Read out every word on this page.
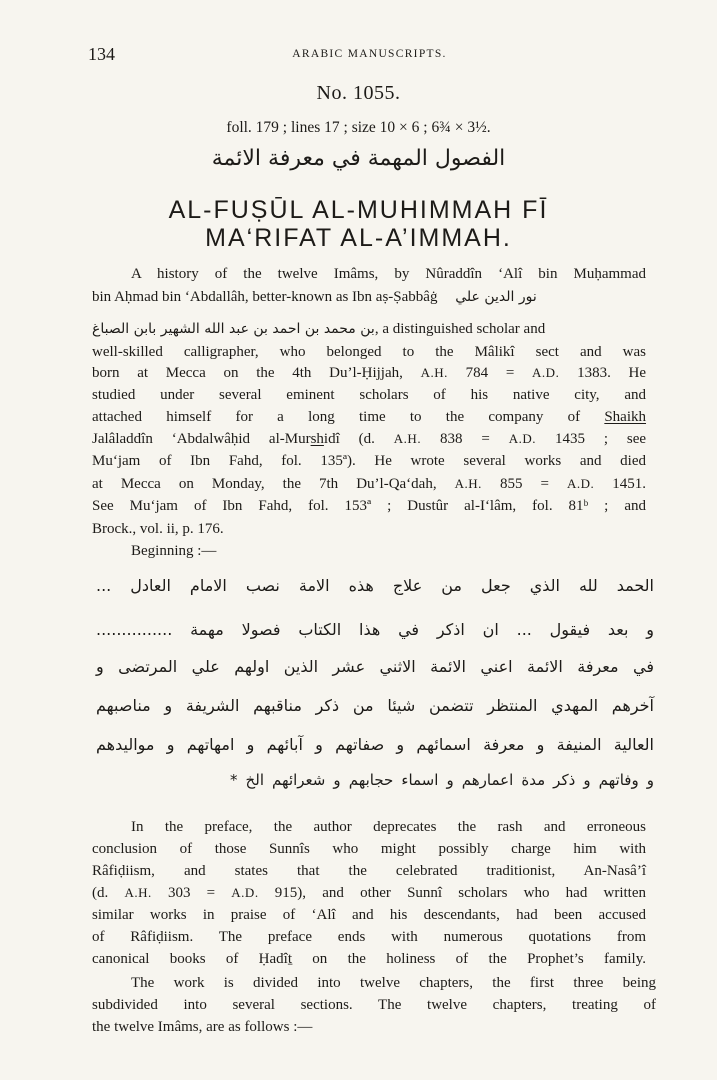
134	ARABIC MANUSCRIPTS.
No. 1055.
foll. 179 ; lines 17 ; size 10 × 6 ; 6¾ × 3½.
الفصول المهمة في معرفة الائمة
AL-FUṢŪL AL-MUHIMMAH FĪ
MA‘RIFAT AL-A’IMMAH.
A history of the twelve Imâms, by Nûraddîn ‘Alî bin Muḥammad
bin Aḥmad bin ‘Abdallâh, better-known as Ibn aṣ-Ṣabbâġ نور الدين علي
بن محمد بن احمد بن عبد الله الشهير بابن الصباغ, a distinguished scholar and
well-skilled calligrapher, who belonged to the Mâlikî sect and was
born at Mecca on the 4th Du’l-Ḥijjah, A.H. 784 = A.D. 1383. He
studied under several eminent scholars of his native city, and
attached himself for a long time to the company of Shaikh
Jalâladdîn ‘Abdalwâḥid al-Murshidî (d. A.H. 838 = A.D. 1435 ; see
Mu‘jam of Ibn Fahd, fol. 135ª). He wrote several works and died
at Mecca on Monday, the 7th Du’l-Qa‘dah, A.H. 855 = A.D. 1451.
See Mu‘jam of Ibn Fahd, fol. 153ª ; Dustûr al-I‘lâm, fol. 81ᵇ ; and
Brock., vol. ii, p. 176.
Beginning :—
الحمد لله الذي جعل من علاج هذه الامة نصب الامام العادل ...
و بعد فيقول ... ان اذكر في هذا الكتاب فصولا مهمة ...............
في معرفة الائمة اعني الائمة الاثني عشر الذين اولهم علي المرتضى و
آخرهم المهدي المنتظر تتضمن شيئا من ذكر مناقبهم الشريفة و مناصبهم
العالية المنيفة و معرفة اسمائهم و صفاتهم و آبائهم و امهاتهم و مواليدهم
و وفاتهم و ذكر مدة اعمارهم و اسماء حجابهم و شعرائهم الخ *
In the preface, the author deprecates the rash and erroneous
conclusion of those Sunnîs who might possibly charge him with
Râfiḍiism, and states that the celebrated traditionist, An-Nasâ’î
(d. A.H. 303 = A.D. 915), and other Sunnî scholars who had written
similar works in praise of ‘Alî and his descendants, had been accused
of Râfiḍiism. The preface ends with numerous quotations from
canonical books of Ḥadîṯ on the holiness of the Prophet’s family.
The work is divided into twelve chapters, the first three being
subdivided into several sections. The twelve chapters, treating of
the twelve Imâms, are as follows :—
